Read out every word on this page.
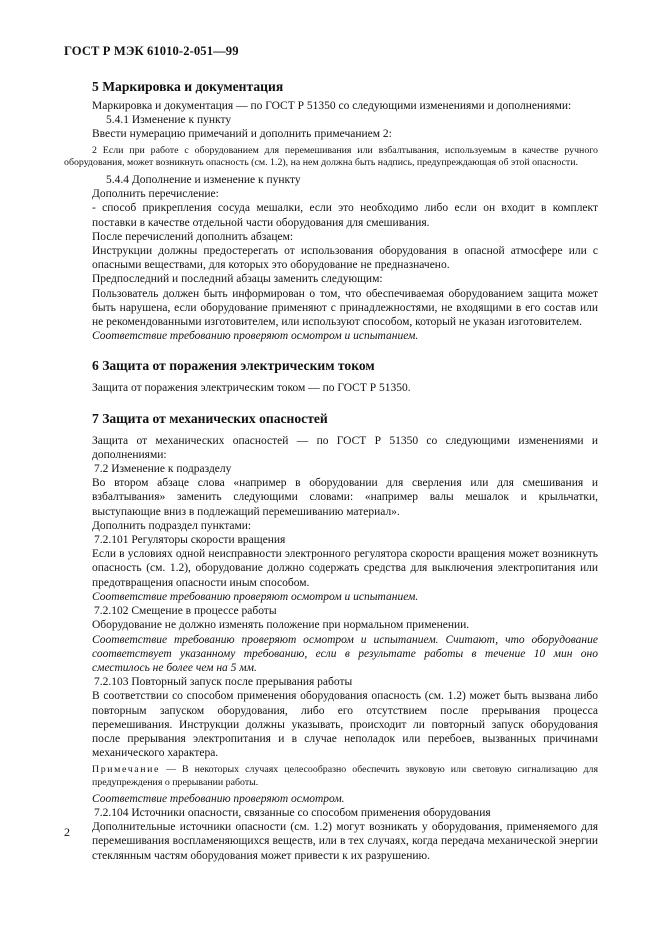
ГОСТ Р МЭК 61010-2-051—99
5 Маркировка и документация

Маркировка и документация — по ГОСТ Р 51350 со следующими изменениями и дополнениями:

5.4.1 Изменение к пункту

Ввести нумерацию примечаний и дополнить примечанием 2:

2 Если при работе с оборудованием для перемешивания или взбалтывания, используемым в качестве ручного оборудования, может возникнуть опасность (см. 1.2), на нем должна быть надпись, предупреждающая об этой опасности.

5.4.4 Дополнение и изменение к пункту

Дополнить перечисление:

- способ прикрепления сосуда мешалки, если это необходимо либо если он входит в комплект поставки в качестве отдельной части оборудования для смешивания.

После перечислений дополнить абзацем:

Инструкции должны предостерегать от использования оборудования в опасной атмосфере или с опасными веществами, для которых это оборудование не предназначено.

Предпоследний и последний абзацы заменить следующим:

Пользователь должен быть информирован о том, что обеспечиваемая оборудованием защита может быть нарушена, если оборудование применяют с принадлежностями, не входящими в его состав или не рекомендованными изготовителем, или используют способом, который не указан изготовителем.

Соответствие требованию проверяют осмотром и испытанием.

6 Защита от поражения электрическим током

Защита от поражения электрическим током — по ГОСТ Р 51350.

7 Защита от механических опасностей

Защита от механических опасностей — по ГОСТ Р 51350 со следующими изменениями и дополнениями:

7.2 Изменение к подразделу

Во втором абзаце слова «например в оборудовании для сверления или для смешивания и взбалтывания» заменить следующими словами: «например валы мешалок и крыльчатки, выступающие вниз в подлежащий перемешиванию материал».

Дополнить подраздел пунктами:

7.2.101 Регуляторы скорости вращения

Если в условиях одной неисправности электронного регулятора скорости вращения может возникнуть опасность (см. 1.2), оборудование должно содержать средства для выключения электропитания или предотвращения опасности иным способом.

Соответствие требованию проверяют осмотром и испытанием.

7.2.102 Смещение в процессе работы

Оборудование не должно изменять положение при нормальном применении.

Соответствие требованию проверяют осмотром и испытанием. Считают, что оборудование соответствует указанному требованию, если в результате работы в течение 10 мин оно сместилось не более чем на 5 мм.

7.2.103 Повторный запуск после прерывания работы

В соответствии со способом применения оборудования опасность (см. 1.2) может быть вызвана либо повторным запуском оборудования, либо его отсутствием после прерывания процесса перемешивания. Инструкции должны указывать, происходит ли повторный запуск оборудования после прерывания электропитания и в случае неполадок или перебоев, вызванных причинами механического характера.

Примечание — В некоторых случаях целесообразно обеспечить звуковую или световую сигнализацию для предупреждения о прерывании работы.

Соответствие требованию проверяют осмотром.

7.2.104 Источники опасности, связанные со способом применения оборудования

Дополнительные источники опасности (см. 1.2) могут возникать у оборудования, применяемого для перемешивания воспламеняющихся веществ, или в тех случаях, когда передача механической энергии стеклянным частям оборудования может привести к их разрушению.

2
